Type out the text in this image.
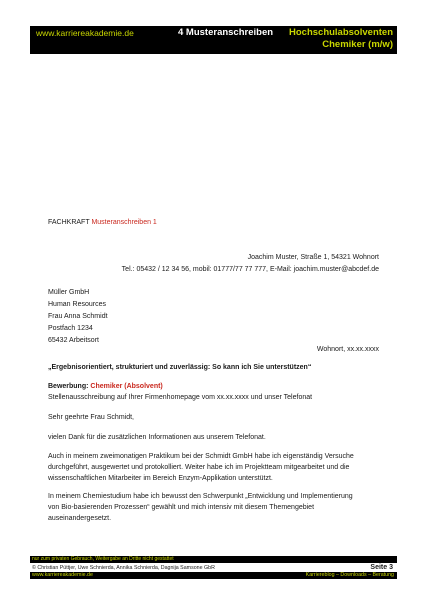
www.karriereakademie.de	4 Musteranschreiben Hochschulabsolventen
Chemiker (m/w)
FACHKRAFT Musteranschreiben 1
Joachim Muster, Straße 1, 54321 Wohnort
Tel.: 05432 / 12 34 56, mobil: 01777/77 77 777, E-Mail: joachim.muster@abcdef.de
Müller GmbH
Human Resources
Frau Anna Schmidt
Postfach 1234
65432 Arbeitsort
Wohnort, xx.xx.xxxx
„Ergebnisorientiert, strukturiert und zuverlässig: So kann ich Sie unterstützen“
Bewerbung: Chemiker (Absolvent)
Stellenausschreibung auf Ihrer Firmenhomepage vom xx.xx.xxxx und unser Telefonat
Sehr geehrte Frau Schmidt,
vielen Dank für die zusätzlichen Informationen aus unserem Telefonat.
Auch in meinem zweimonatigen Praktikum bei der Schmidt GmbH habe ich eigenständig Versuche
durchgeführt, ausgewertet und protokolliert. Weiter habe ich im Projektteam mitgearbeitet und die
wissenschaftlichen Mitarbeiter im Bereich Enzym-Applikation unterstützt.
In meinem Chemiestudium habe ich bewusst den Schwerpunkt „Entwicklung und Implementierung
von Bio-basierenden Prozessen“ gewählt und mich intensiv mit diesem Themengebiet
auseinandergesetzt.
nur zum privaten Gebrauch, Weitergabe an Dritte nicht gestattet
© Christian Püttjer, Uwe Schnierda, Annika Schnierda, Dagnija Samsone GbR	Seite 3
www.karriereakademie.de	Karriereblog – Downloads – Beratung
